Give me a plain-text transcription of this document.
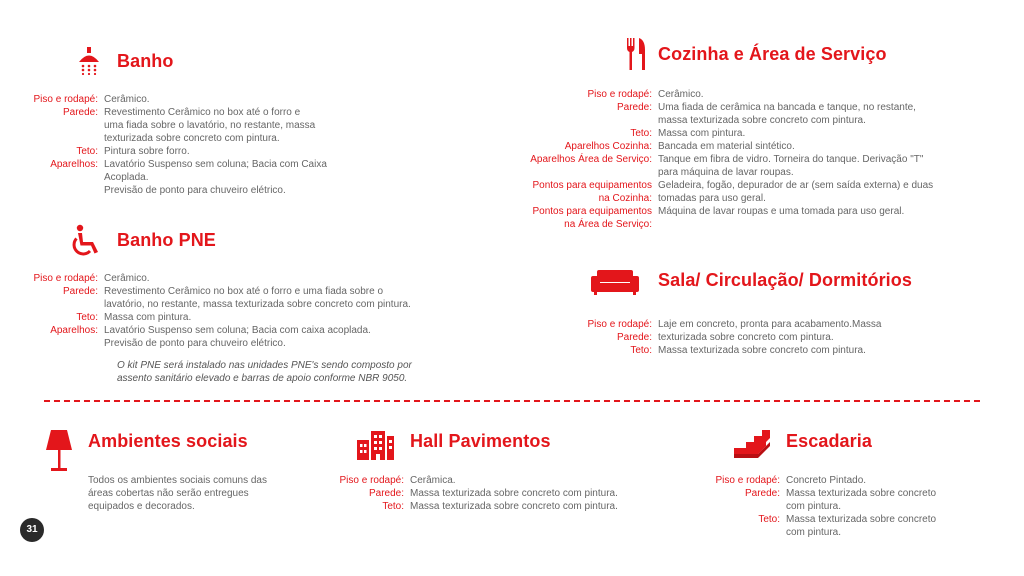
Banho
Piso e rodapé: Cerâmico.
Parede: Revestimento Cerâmico no box até o forro e
uma fiada sobre o lavatório, no restante, massa
texturizada sobre concreto com pintura.
Teto: Pintura sobre forro.
Aparelhos: Lavatório Suspenso sem coluna; Bacia com Caixa
Acoplada.
Previsão de ponto para chuveiro elétrico.
Banho PNE
Piso e rodapé: Cerâmico.
Parede: Revestimento Cerâmico no box até o forro e uma fiada sobre o
lavatório, no restante, massa texturizada sobre concreto com pintura.
Teto: Massa com pintura.
Aparelhos: Lavatório Suspenso sem coluna; Bacia com caixa acoplada.
Previsão de ponto para chuveiro elétrico.
O kit PNE será instalado nas unidades PNE's sendo composto por
assento sanitário elevado e barras de apoio conforme NBR 9050.
Cozinha e Área de Serviço
Piso e rodapé: Cerâmico.
Parede: Uma fiada de cerâmica na bancada e tanque, no restante,
massa texturizada sobre concreto com pintura.
Teto: Massa com pintura.
Aparelhos Cozinha: Bancada em material sintético.
Aparelhos Área de Serviço: Tanque em fibra de vidro. Torneira do tanque. Derivação "T"
para máquina de lavar roupas.
Pontos para equipamentos
na Cozinha:
Geladeira, fogão, depurador de ar (sem saída externa) e duas
tomadas para uso geral.
Pontos para equipamentos
na Área de Serviço:
Máquina de lavar roupas e uma tomada para uso geral.
Sala/ Circulação/ Dormitórios
Piso e rodapé: Laje em concreto, pronta para acabamento.Massa
Parede: texturizada sobre concreto com pintura.
Teto: Massa texturizada sobre concreto com pintura.
Ambientes sociais
Todos os ambientes sociais comuns das
áreas cobertas não serão entregues
equipados e decorados.
Hall Pavimentos
Piso e rodapé: Cerâmica.
Parede: Massa texturizada sobre concreto com pintura.
Teto: Massa texturizada sobre concreto com pintura.
Escadaria
Piso e rodapé: Concreto Pintado.
Parede: Massa texturizada sobre concreto
com pintura.
Teto: Massa texturizada sobre concreto
com pintura.
31
